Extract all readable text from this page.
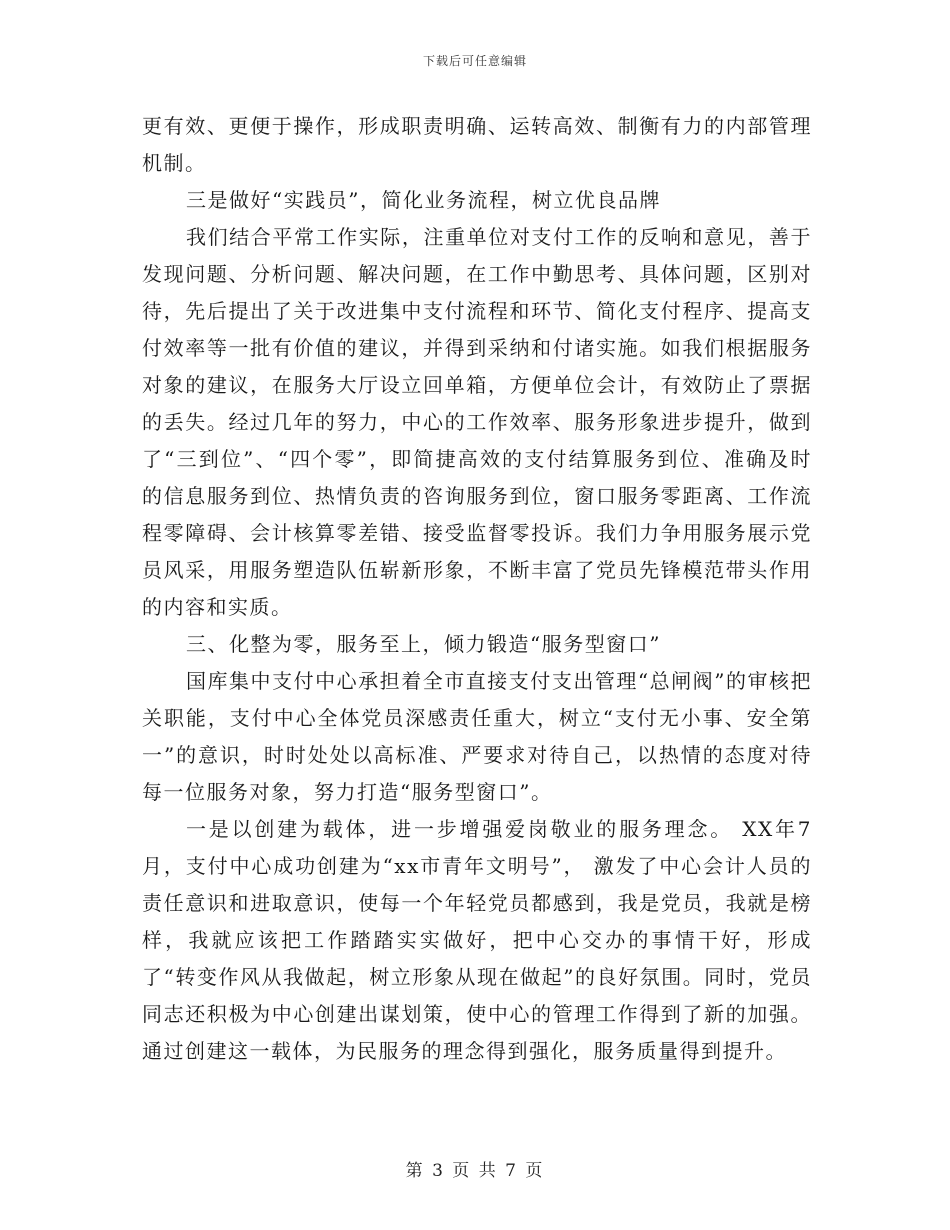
下载后可任意编辑

更有效、更便于操作，形成职责明确、运转高效、制衡有力的内部管理机制。

三是做好“实践员”，简化业务流程，树立优良品牌

我们结合平常工作实际，注重单位对支付工作的反响和意见，善于发现问题、分析问题、解决问题，在工作中勤思考、具体问题，区别对待，先后提出了关于改进集中支付流程和环节、简化支付程序、提高支付效率等一批有价值的建议，并得到采纳和付诸实施。如我们根据服务对象的建议，在服务大厅设立回单箱，方便单位会计，有效防止了票据的丢失。经过几年的努力，中心的工作效率、服务形象进步提升，做到了“三到位”、“四个零”，即简捷高效的支付结算服务到位、准确及时的信息服务到位、热情负责的咨询服务到位，窗口服务零距离、工作流程零障碍、会计核算零差错、接受监督零投诉。我们力争用服务展示党员风采，用服务塑造队伍崭新形象，不断丰富了党员先锋模范带头作用的内容和实质。

三、化整为零，服务至上，倾力锻造“服务型窗口”

国库集中支付中心承担着全市直接支付支出管理“总闸阀”的审核把关职能，支付中心全体党员深感责任重大，树立“支付无小事、安全第一”的意识，时时处处以高标准、严要求对待自己，以热情的态度对待每一位服务对象，努力打造“服务型窗口”。

一是以创建为载体，进一步增强爱岗敬业的服务理念。 XX年7月，支付中心成功创建为“xx市青年文明号”， 激发了中心会计人员的责任意识和进取意识，使每一个年轻党员都感到，我是党员，我就是榜样，我就应该把工作踏踏实实做好，把中心交办的事情干好，形成了“转变作风从我做起，树立形象从现在做起”的良好氛围。同时，党员同志还积极为中心创建出谋划策，使中心的管理工作得到了新的加强。 通过创建这一载体，为民服务的理念得到强化，服务质量得到提升。

第 3 页 共 7 页
